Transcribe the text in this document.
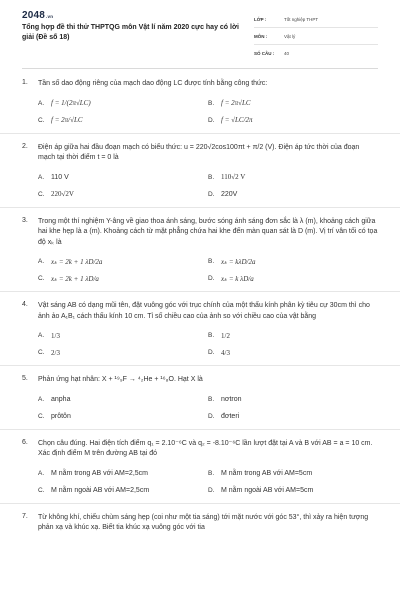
2048.vn
Tổng hợp đề thi thử THPTQG môn Vật lí năm 2020 cực hay có lời giải (Đề số 18)
LỚP :	Tốt nghiệp THPT
MÔN :	Vật lý
SỐ CÂU : 40
1. Tần số dao động riêng của mạch dao động LC được tính bằng công thức:
A. f = 1/(2π√LC)	B. f = 2π√LC
C. f = 2π/√LC	D. f = √LC/2π
2. Điện áp giữa hai đầu đoạn mạch có biểu thức: u = 220√2cos100πt + π/2 (V). Điện áp tức thời của đoạn mạch tại thời điểm t = 0 là
A. 110 V	B. 110√2 V
C. 220√2V	D. 220V
3. Trong một thí nghiệm Y-âng về giao thoa ánh sáng, bước sóng ánh sáng đơn sắc là λ (m), khoảng cách giữa hai khe hẹp là a (m). Khoảng cách từ mặt phẳng chứa hai khe đến màn quan sát là D (m). Vị trí vân tối có tọa độ xₖ là
A. xₖ = 2k + 1 λD/2a	B. xₖ = kλD/2a
C. xₖ = 2k + 1 λD/a	D. xₖ = k λD/a
4. Vật sáng AB có dạng mũi tên, đặt vuông góc với trục chính của một thấu kính phân kỳ tiêu cự 30cm thì cho ảnh ảo A₁B₁ cách thấu kính 10 cm. Tỉ số chiều cao của ảnh so với chiều cao của vật bằng
A. 1/3	B. 1/2
C. 2/3	D. 4/3
5. Phản ứng hạt nhân: X + ¹⁹₉F → ⁴₂He + ¹⁶₈O. Hạt X là
A. anpha	B. nơtron
C. prôtôn	D. đơteri
6. Chọn câu đúng. Hai điện tích điểm q₁ = 2.10⁻⁶C và q₂ = -8.10⁻⁶C lần lượt đặt tại A và B với AB = a = 10 cm. Xác định điểm M trên đường AB tại đó
A. M nằm trong AB với AM=2,5cm	B. M nằm trong AB với AM=5cm
C. M nằm ngoài AB với AM=2,5cm	D. M nằm ngoài AB với AM=5cm
7. Từ không khí, chiếu chùm sáng hẹp (coi như một tia sáng) tới mặt nước với góc 53°, thì xảy ra hiện tượng phản xạ và khúc xạ. Biết tia khúc xạ vuông góc với tia
